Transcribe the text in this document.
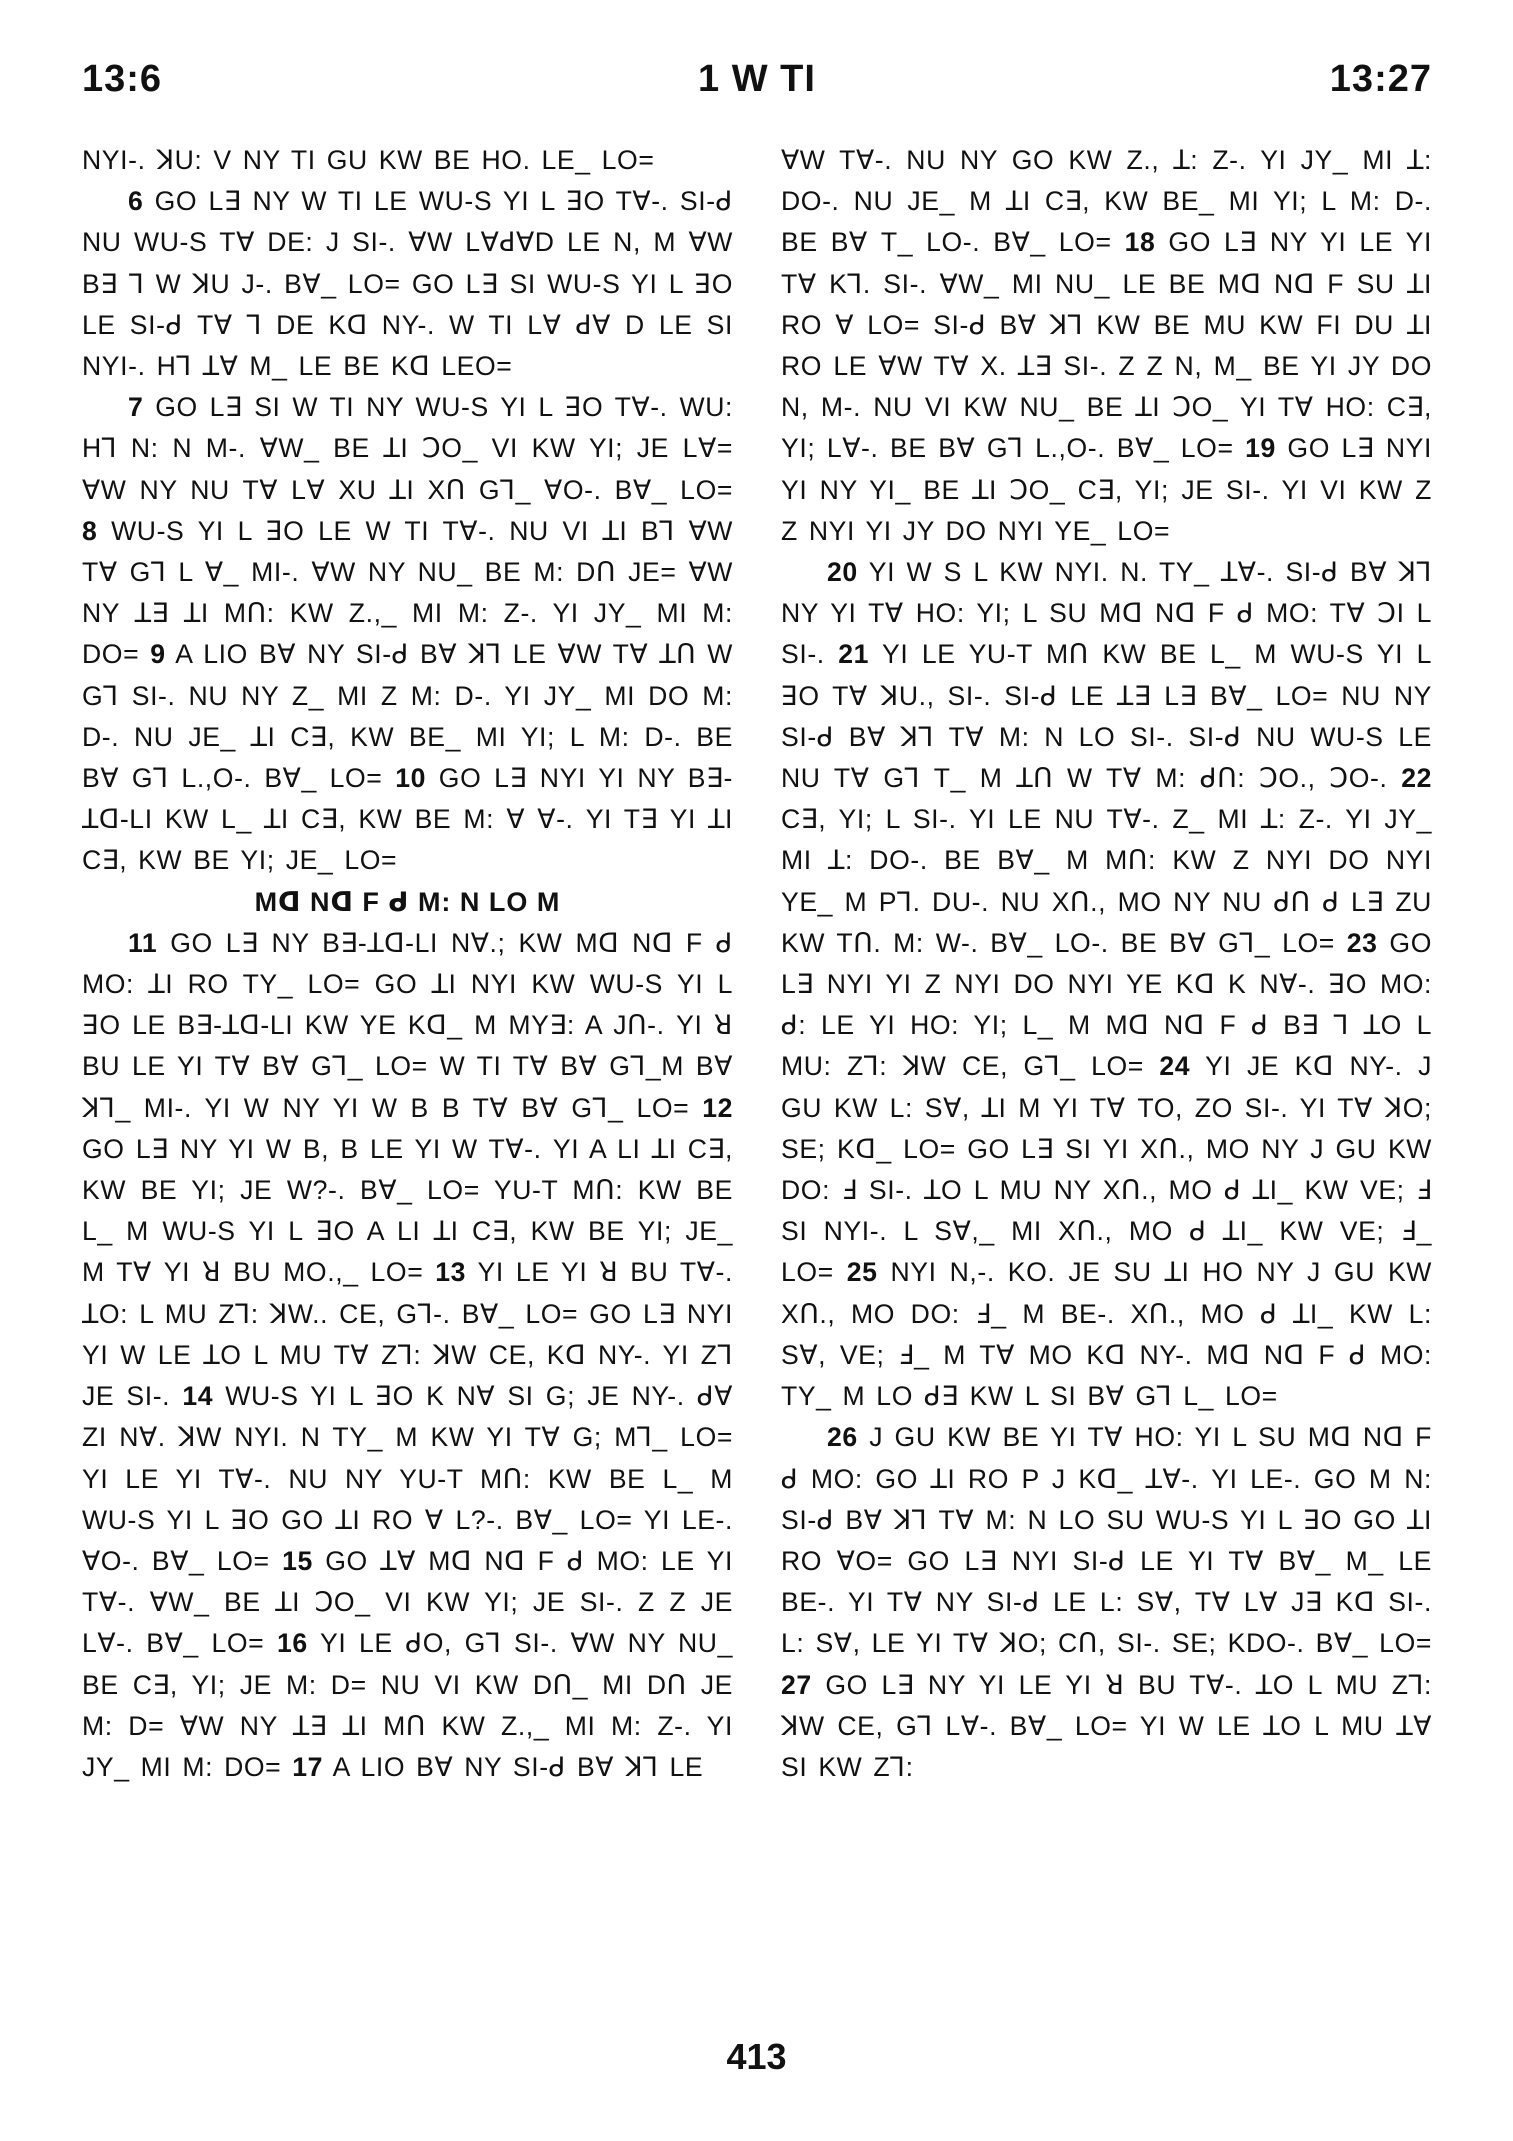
13:6	1 W TI	13:27

NYI-. ꓘU: V NY TI GU KW BE HO. LE_ LO=

6 GO L∃ NY W TI LE WU-S YI L ꓱO Tꓯ-. SI-ᑯ NU WU-S Tꓯ DE: J SI-. ꓯW LꓯꓒꓯD LE N, M ꓯW B∃ ꓶ W ꓘU J-. Bꓯ_ LO= GO L∃ SI WU-S YI L ꓱO LE SI-ᑯ Tꓯ ꓶ DE Kꓷ NY-. W TI Lꓯ ꓒꓯ D LE SI NYI-. Hꓶ ꓕꓯ M_ LE BE Kꓷ LEO=

7 GO L∃ SI W TI NY WU-S YI L ꓱO Tꓯ-. WU: Hꓶ N: N M-. ꓯW_ BE ꓕI ꓛO_ VI KW YI; JE Lꓯ= ꓯW NY NU Tꓯ Lꓯ XU ꓕI Xꓵ Gꓶ_ ꓯO-. Bꓯ_ LO= 8 WU-S YI L ꓱO LE W TI Tꓯ-. NU VI ꓕI Bꓶ ꓯW Tꓯ Gꓶ L ꓯ_ MI-. ꓯW NY NU_ BE M: Dꓵ JE= ꓯW NY ꓕ∃ ꓕI Mꓵ: KW Z.,_ MI M: Z-. YI JY_ MI M: DO= 9 A LIO Bꓯ NY SI-ᑯ Bꓯ ꓘꓶ LE ꓯW Tꓯ ꓕꓵ W Gꓶ SI-. NU NY Z_ MI Z M: D-. YI JY_ MI DO M: D-. NU JE_ ꓕI C∃, KW BE_ MI YI; L M: D-. BE Bꓯ Gꓶ L.,O-. Bꓯ_ LO= 10 GO L∃ NYI YI NY B∃-ꓕꓷ-LI KW L_ ꓕI C∃, KW BE M: ꓯ ꓯ-. YI T∃ YI ꓕI C∃, KW BE YI; JE_ LO=

Mꓷ Nꓷ F ᑯ M: N LO M

11 GO L∃ NY B∃-ꓕꓷ-LI Nꓯ.; KW Mꓷ Nꓷ F ᑯ MO: ꓕI RO TY_ LO= GO ꓕI NYI KW WU-S YI L ꓱO LE B∃-ꓕꓷ-LI KW YE Kꓷ_ M MY∃: A Jꓵ-. YI ꓤ BU LE YI Tꓯ Bꓯ Gꓶ_ LO= W TI Tꓯ Bꓯ Gꓶ_M Bꓯ ꓘꓶ_ MI-. YI W NY YI W B B Tꓯ Bꓯ Gꓶ_ LO= 12 GO L∃ NY YI W B, B LE YI W Tꓯ-. YI A LI ꓕI C∃, KW BE YI; JE W?-. Bꓯ_ LO= YU-T Mꓵ: KW BE L_ M WU-S YI L ꓱO A LI ꓕI C∃, KW BE YI; JE_ M Tꓯ YI ꓤ BU MO.,_ LO= 13 YI LE YI ꓤ BU Tꓯ-. ꓕO: L MU Zꓶ: ꓘW.. CE, Gꓶ-. Bꓯ_ LO= GO L∃ NYI YI W LE ꓕO L MU Tꓯ Zꓶ: ꓘW CE, Kꓷ NY-. YI Zꓶ JE SI-. 14 WU-S YI L ꓱO K Nꓯ SI G; JE NY-. ᑯꓯ ZI Nꓯ. ꓘW NYI. N TY_ M KW YI Tꓯ G; Mꓶ_ LO= YI LE YI Tꓯ-. NU NY YU-T Mꓵ: KW BE L_ M WU-S YI L ꓱO GO ꓕI RO ꓯ L?-. Bꓯ_ LO= YI LE-. ꓯO-. Bꓯ_ LO= 15 GO ꓕꓯ Mꓷ Nꓷ F ᑯ MO: LE YI Tꓯ-. ꓯW_ BE ꓕI ꓛO_ VI KW YI; JE SI-. Z Z JE Lꓯ-. Bꓯ_ LO= 16 YI LE ᑯO, Gꓶ SI-. ꓯW NY NU_ BE C∃, YI; JE M: D= NU VI KW Dꓵ_ MI Dꓵ JE M: D= ꓯW NY ꓕ∃ ꓕI Mꓵ KW Z.,_ MI M: Z-. YI JY_ MI M: DO= 17 A LIO Bꓯ NY SI-ᑯ Bꓯ ꓘꓶ LE

ꓯW Tꓯ-. NU NY GO KW Z., ꓕ: Z-. YI JY_ MI ꓕ: DO-. NU JE_ M ꓕI C∃, KW BE_ MI YI; L M: D-. BE Bꓯ T_ LO-. Bꓯ_ LO= 18 GO L∃ NY YI LE YI Tꓯ Kꓶ. SI-. ꓯW_ MI NU_ LE BE Mꓷ Nꓷ F SU ꓕI RO ꓯ LO= SI-ᑯ Bꓯ ꓘꓶ KW BE MU KW FI DU ꓕI RO LE ꓯW Tꓯ X. ꓕ∃ SI-. Z Z N, M_ BE YI JY DO N, M-. NU VI KW NU_ BE ꓕI ꓛO_ YI Tꓯ HO: C∃, YI; Lꓯ-. BE Bꓯ Gꓶ L.,O-. Bꓯ_ LO= 19 GO L∃ NYI YI NY YI_ BE ꓕI ꓛO_ C∃, YI; JE SI-. YI VI KW Z Z NYI YI JY DO NYI YE_ LO=

20 YI W S L KW NYI. N. TY_ ꓕꓯ-. SI-ᑯ Bꓯ ꓘꓶ NY YI Tꓯ HO: YI; L SU Mꓷ Nꓷ F ᑯ MO: Tꓯ ꓛI L SI-. 21 YI LE YU-T Mꓵ KW BE L_ M WU-S YI L ꓱO Tꓯ ꓘU., SI-. SI-ᑯ LE ꓕ∃ L∃ Bꓯ_ LO= NU NY SI-ᑯ Bꓯ ꓘꓶ Tꓯ M: N LO SI-. SI-ᑯ NU WU-S LE NU Tꓯ Gꓶ T_ M ꓕꓵ W Tꓯ M: ᑯꓵ: ꓛO., ꓛO-. 22 C∃, YI; L SI-. YI LE NU Tꓯ-. Z_ MI ꓕ: Z-. YI JY_ MI ꓕ: DO-. BE Bꓯ_ M Mꓵ: KW Z NYI DO NYI YE_ M Pꓶ. DU-. NU Xꓵ., MO NY NU ᑯꓵ ᑯ L∃ ZU KW Tꓵ. M: W-. Bꓯ_ LO-. BE Bꓯ Gꓶ_ LO= 23 GO L∃ NYI YI Z NYI DO NYI YE Kꓷ K Nꓯ-. ꓱO MO: ᑯ: LE YI HO: YI; L_ M Mꓷ Nꓷ F ᑯ B∃ ꓶ ꓕO L MU: Zꓶ: ꓘW CE, Gꓶ_ LO= 24 YI JE Kꓷ NY-. J GU KW L: Sꓯ, ꓕI M YI Tꓯ TO, ZO SI-. YI Tꓯ ꓘO; SE; Kꓷ_ LO= GO L∃ SI YI Xꓵ., MO NY J GU KW DO: ꓞ SI-. ꓕO L MU NY Xꓵ., MO ᑯ ꓕI_ KW VE; ꓞ SI NYI-. L Sꓯ,_ MI Xꓵ., MO ᑯ ꓕI_ KW VE; ꓞ_ LO= 25 NYI N,-. KO. JE SU ꓕI HO NY J GU KW Xꓵ., MO DO: ꓞ_ M BE-. Xꓵ., MO ᑯ ꓕI_ KW L: Sꓯ, VE; ꓞ_ M Tꓯ MO Kꓷ NY-. Mꓷ Nꓷ F ᑯ MO: TY_ M LO ᑯ∃ KW L SI Bꓯ Gꓶ L_ LO=

26 J GU KW BE YI Tꓯ HO: YI L SU Mꓷ Nꓷ F ᑯ MO: GO ꓕI RO P J Kꓷ_ ꓕꓯ-. YI LE-. GO M N: SI-ᑯ Bꓯ ꓘꓶ Tꓯ M: N LO SU WU-S YI L ꓱO GO ꓕI RO ꓯO= GO L∃ NYI SI-ᑯ LE YI Tꓯ Bꓯ_ M_ LE BE-. YI Tꓯ NY SI-ᑯ LE L: Sꓯ, Tꓯ Lꓯ J∃ Kꓷ SI-. L: Sꓯ, LE YI Tꓯ ꓘO; Cꓵ, SI-. SE; KDO-. Bꓯ_ LO= 27 GO L∃ NY YI LE YI ꓤ BU Tꓯ-. ꓕO L MU Zꓶ: ꓘW CE, Gꓶ Lꓯ-. Bꓯ_ LO= YI W LE ꓕO L MU ꓕꓯ SI KW Zꓶ:

413
